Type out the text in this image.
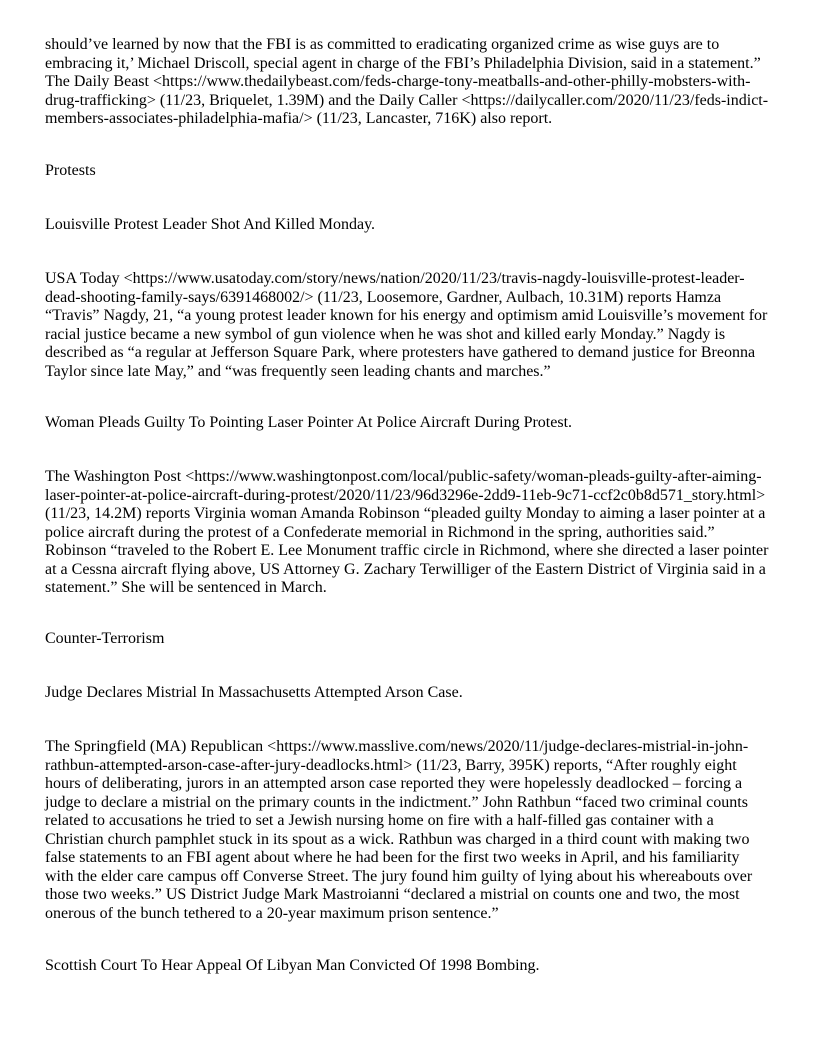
should’ve learned by now that the FBI is as committed to eradicating organized crime as wise guys are to
embracing it,’ Michael Driscoll, special agent in charge of the FBI’s Philadelphia Division, said in a statement.”
The Daily Beast <https://www.thedailybeast.com/feds-charge-tony-meatballs-and-other-philly-mobsters-with-
drug-trafficking> (11/23, Briquelet, 1.39M) and the Daily Caller <https://dailycaller.com/2020/11/23/feds-indict-
members-associates-philadelphia-mafia/> (11/23, Lancaster, 716K) also report.
Protests
Louisville Protest Leader Shot And Killed Monday.
USA Today <https://www.usatoday.com/story/news/nation/2020/11/23/travis-nagdy-louisville-protest-leader-
dead-shooting-family-says/6391468002/> (11/23, Loosemore, Gardner, Aulbach, 10.31M) reports Hamza
“Travis” Nagdy, 21, “a young protest leader known for his energy and optimism amid Louisville’s movement for
racial justice became a new symbol of gun violence when he was shot and killed early Monday.” Nagdy is
described as “a regular at Jefferson Square Park, where protesters have gathered to demand justice for Breonna
Taylor since late May,” and “was frequently seen leading chants and marches.”
Woman Pleads Guilty To Pointing Laser Pointer At Police Aircraft During Protest.
The Washington Post <https://www.washingtonpost.com/local/public-safety/woman-pleads-guilty-after-aiming-
laser-pointer-at-police-aircraft-during-protest/2020/11/23/96d3296e-2dd9-11eb-9c71-ccf2c0b8d571_story.html>
(11/23, 14.2M) reports Virginia woman Amanda Robinson “pleaded guilty Monday to aiming a laser pointer at a
police aircraft during the protest of a Confederate memorial in Richmond in the spring, authorities said.”
Robinson “traveled to the Robert E. Lee Monument traffic circle in Richmond, where she directed a laser pointer
at a Cessna aircraft flying above, US Attorney G. Zachary Terwilliger of the Eastern District of Virginia said in a
statement.” She will be sentenced in March.
Counter-Terrorism
Judge Declares Mistrial In Massachusetts Attempted Arson Case.
The Springfield (MA) Republican <https://www.masslive.com/news/2020/11/judge-declares-mistrial-in-john-
rathbun-attempted-arson-case-after-jury-deadlocks.html> (11/23, Barry, 395K) reports, “After roughly eight
hours of deliberating, jurors in an attempted arson case reported they were hopelessly deadlocked – forcing a
judge to declare a mistrial on the primary counts in the indictment.” John Rathbun “faced two criminal counts
related to accusations he tried to set a Jewish nursing home on fire with a half-filled gas container with a
Christian church pamphlet stuck in its spout as a wick. Rathbun was charged in a third count with making two
false statements to an FBI agent about where he had been for the first two weeks in April, and his familiarity
with the elder care campus off Converse Street. The jury found him guilty of lying about his whereabouts over
those two weeks.” US District Judge Mark Mastroianni “declared a mistrial on counts one and two, the most
onerous of the bunch tethered to a 20-year maximum prison sentence.”
Scottish Court To Hear Appeal Of Libyan Man Convicted Of 1998 Bombing.
